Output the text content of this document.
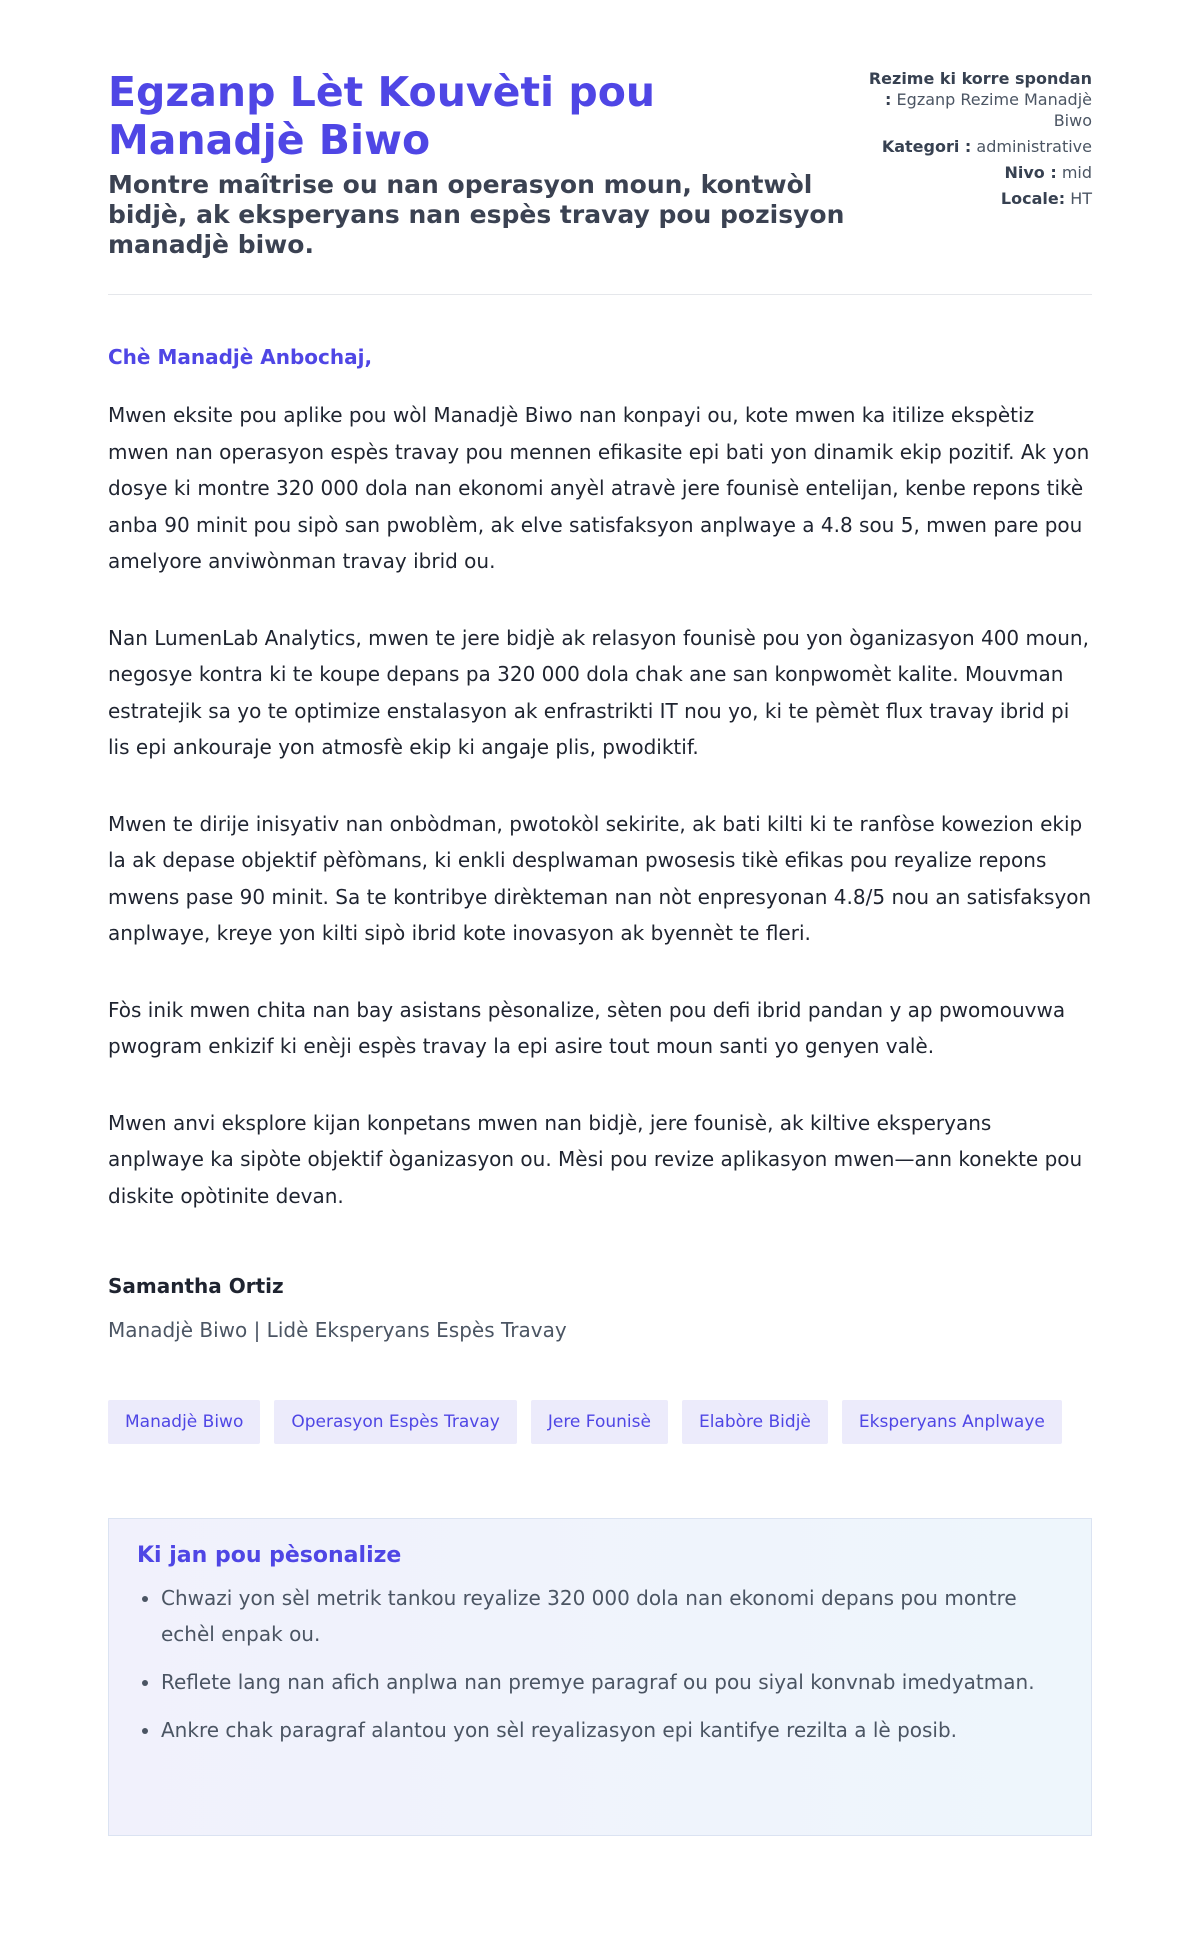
Egzanp Lèt Kouvèti pou Manadjè Biwo

Montre maîtrise ou nan operasyon moun, kontwòl bidjè, ak eksperyans nan espès travay pou pozisyon manadjè biwo.

Rezime ki korre spondan : Egzanp Rezime Manadjè Biwo
Kategori : administrative
Nivo : mid
Locale: HT
Chè Manadjè Anbochaj,

Mwen eksite pou aplike pou wòl Manadjè Biwo nan konpayi ou, kote mwen ka itilize ekspètiz mwen nan operasyon espès travay pou mennen efikasite epi bati yon dinamik ekip pozitif. Ak yon dosye ki montre 320 000 dola nan ekonomi anyèl atravè jere founisè entelijan, kenbe repons tikè anba 90 minit pou sipò san pwoblèm, ak elve satisfaksyon anplwaye a 4.8 sou 5, mwen pare pou amelyore anviwònman travay ibrid ou.

Nan LumenLab Analytics, mwen te jere bidjè ak relasyon founisè pou yon òganizasyon 400 moun, negosye kontra ki te koupe depans pa 320 000 dola chak ane san konpwomèt kalite. Mouvman estratejik sa yo te optimize enstalasyon ak enfrastrikti IT nou yo, ki te pèmèt flux travay ibrid pi lis epi ankouraje yon atmosfè ekip ki angaje plis, pwodiktif.

Mwen te dirije inisyativ nan onbòdman, pwotokòl sekirite, ak bati kilti ki te ranfòse kowezion ekip la ak depase objektif pèfòmans, ki enkli desplwaman pwosesis tikè efikas pou reyalize repons mwens pase 90 minit. Sa te kontribye dirèkteman nan nòt enpresyonan 4.8/5 nou an satisfaksyon anplwaye, kreye yon kilti sipò ibrid kote inovasyon ak byennèt te fleri.

Fòs inik mwen chita nan bay asistans pèsonalize, sèten pou defi ibrid pandan y ap pwomouvwa pwogram enkizif ki enèji espès travay la epi asire tout moun santi yo genyen valè.

Mwen anvi eksplore kijan konpetans mwen nan bidjè, jere founisè, ak kiltive eksperyans anplwaye ka sipòte objektif òganizasyon ou. Mèsi pou revize aplikasyon mwen—ann konekte pou diskite opòtinite devan.

Samantha Ortiz
Manadjè Biwo | Lidè Eksperyans Espès Travay
Manadjè Biwo	Operasyon Espès Travay	Jere Founisè	Elabòre Bidjè	Eksperyans Anplwaye
Ki jan pou pèsonalize
• Chwazi yon sèl metrik tankou reyalize 320 000 dola nan ekonomi depans pou montre echèl enpak ou.
• Reflete lang nan afich anplwa nan premye paragraf ou pou siyal konvnab imedyatman.
• Ankre chak paragraf alantou yon sèl reyalizasyon epi kantifye rezilta a lè posib.
